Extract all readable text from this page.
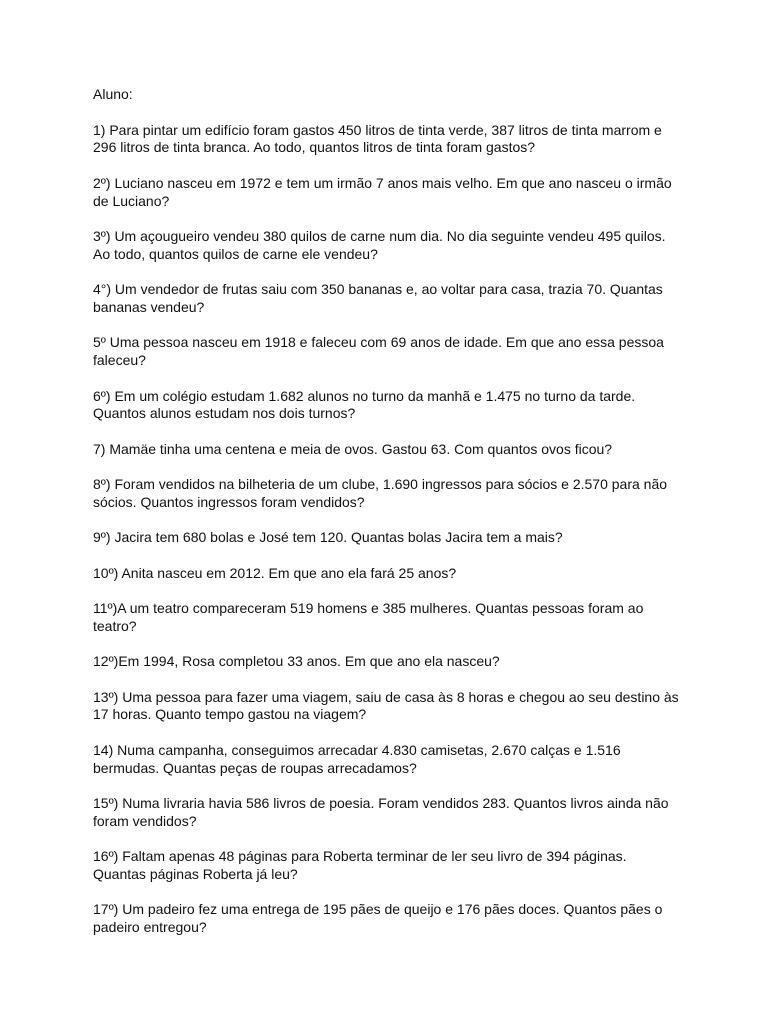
Aluno:

1) Para pintar um edifício foram gastos 450 litros de tinta verde, 387 litros de tinta marrom e 296 litros de tinta branca. Ao todo, quantos litros de tinta foram gastos?

2º) Luciano nasceu em 1972 e tem um irmão 7 anos mais velho. Em que ano nasceu o irmão de Luciano?

3º) Um açougueiro vendeu 380 quilos de carne num dia. No dia seguinte vendeu 495 quilos. Ao todo, quantos quilos de carne ele vendeu?

4°) Um vendedor de frutas saiu com 350 bananas e, ao voltar para casa, trazia 70. Quantas bananas vendeu?

5º Uma pessoa nasceu em 1918 e faleceu com 69 anos de idade. Em que ano essa pessoa faleceu?

6º) Em um colégio estudam 1.682 alunos no turno da manhã e 1.475 no turno da tarde. Quantos alunos estudam nos dois turnos?

7) Mamäe tinha uma centena e meia de ovos. Gastou 63. Com quantos ovos ficou?

8º) Foram vendidos na bilheteria de um clube, 1.690 ingressos para sócios e 2.570 para não sócios. Quantos ingressos foram vendidos?

9º) Jacira tem 680 bolas e José tem 120. Quantas bolas Jacira tem a mais?

10º) Anita nasceu em 2012. Em que ano ela fará 25 anos?

11º)A um teatro compareceram 519 homens e 385 mulheres. Quantas pessoas foram ao teatro?

12º)Em 1994, Rosa completou 33 anos. Em que ano ela nasceu?

13º) Uma pessoa para fazer uma viagem, saiu de casa às 8 horas e chegou ao seu destino às 17 horas. Quanto tempo gastou na viagem?

14) Numa campanha, conseguimos arrecadar 4.830 camisetas, 2.670 calças e 1.516 bermudas. Quantas peças de roupas arrecadamos?

15º) Numa livraria havia 586 livros de poesia. Foram vendidos 283. Quantos livros ainda não foram vendidos?

16º) Faltam apenas 48 páginas para Roberta terminar de ler seu livro de 394 páginas. Quantas páginas Roberta já leu?

17º) Um padeiro fez uma entrega de 195 pães de queijo e 176 pães doces. Quantos pães o padeiro entregou?
